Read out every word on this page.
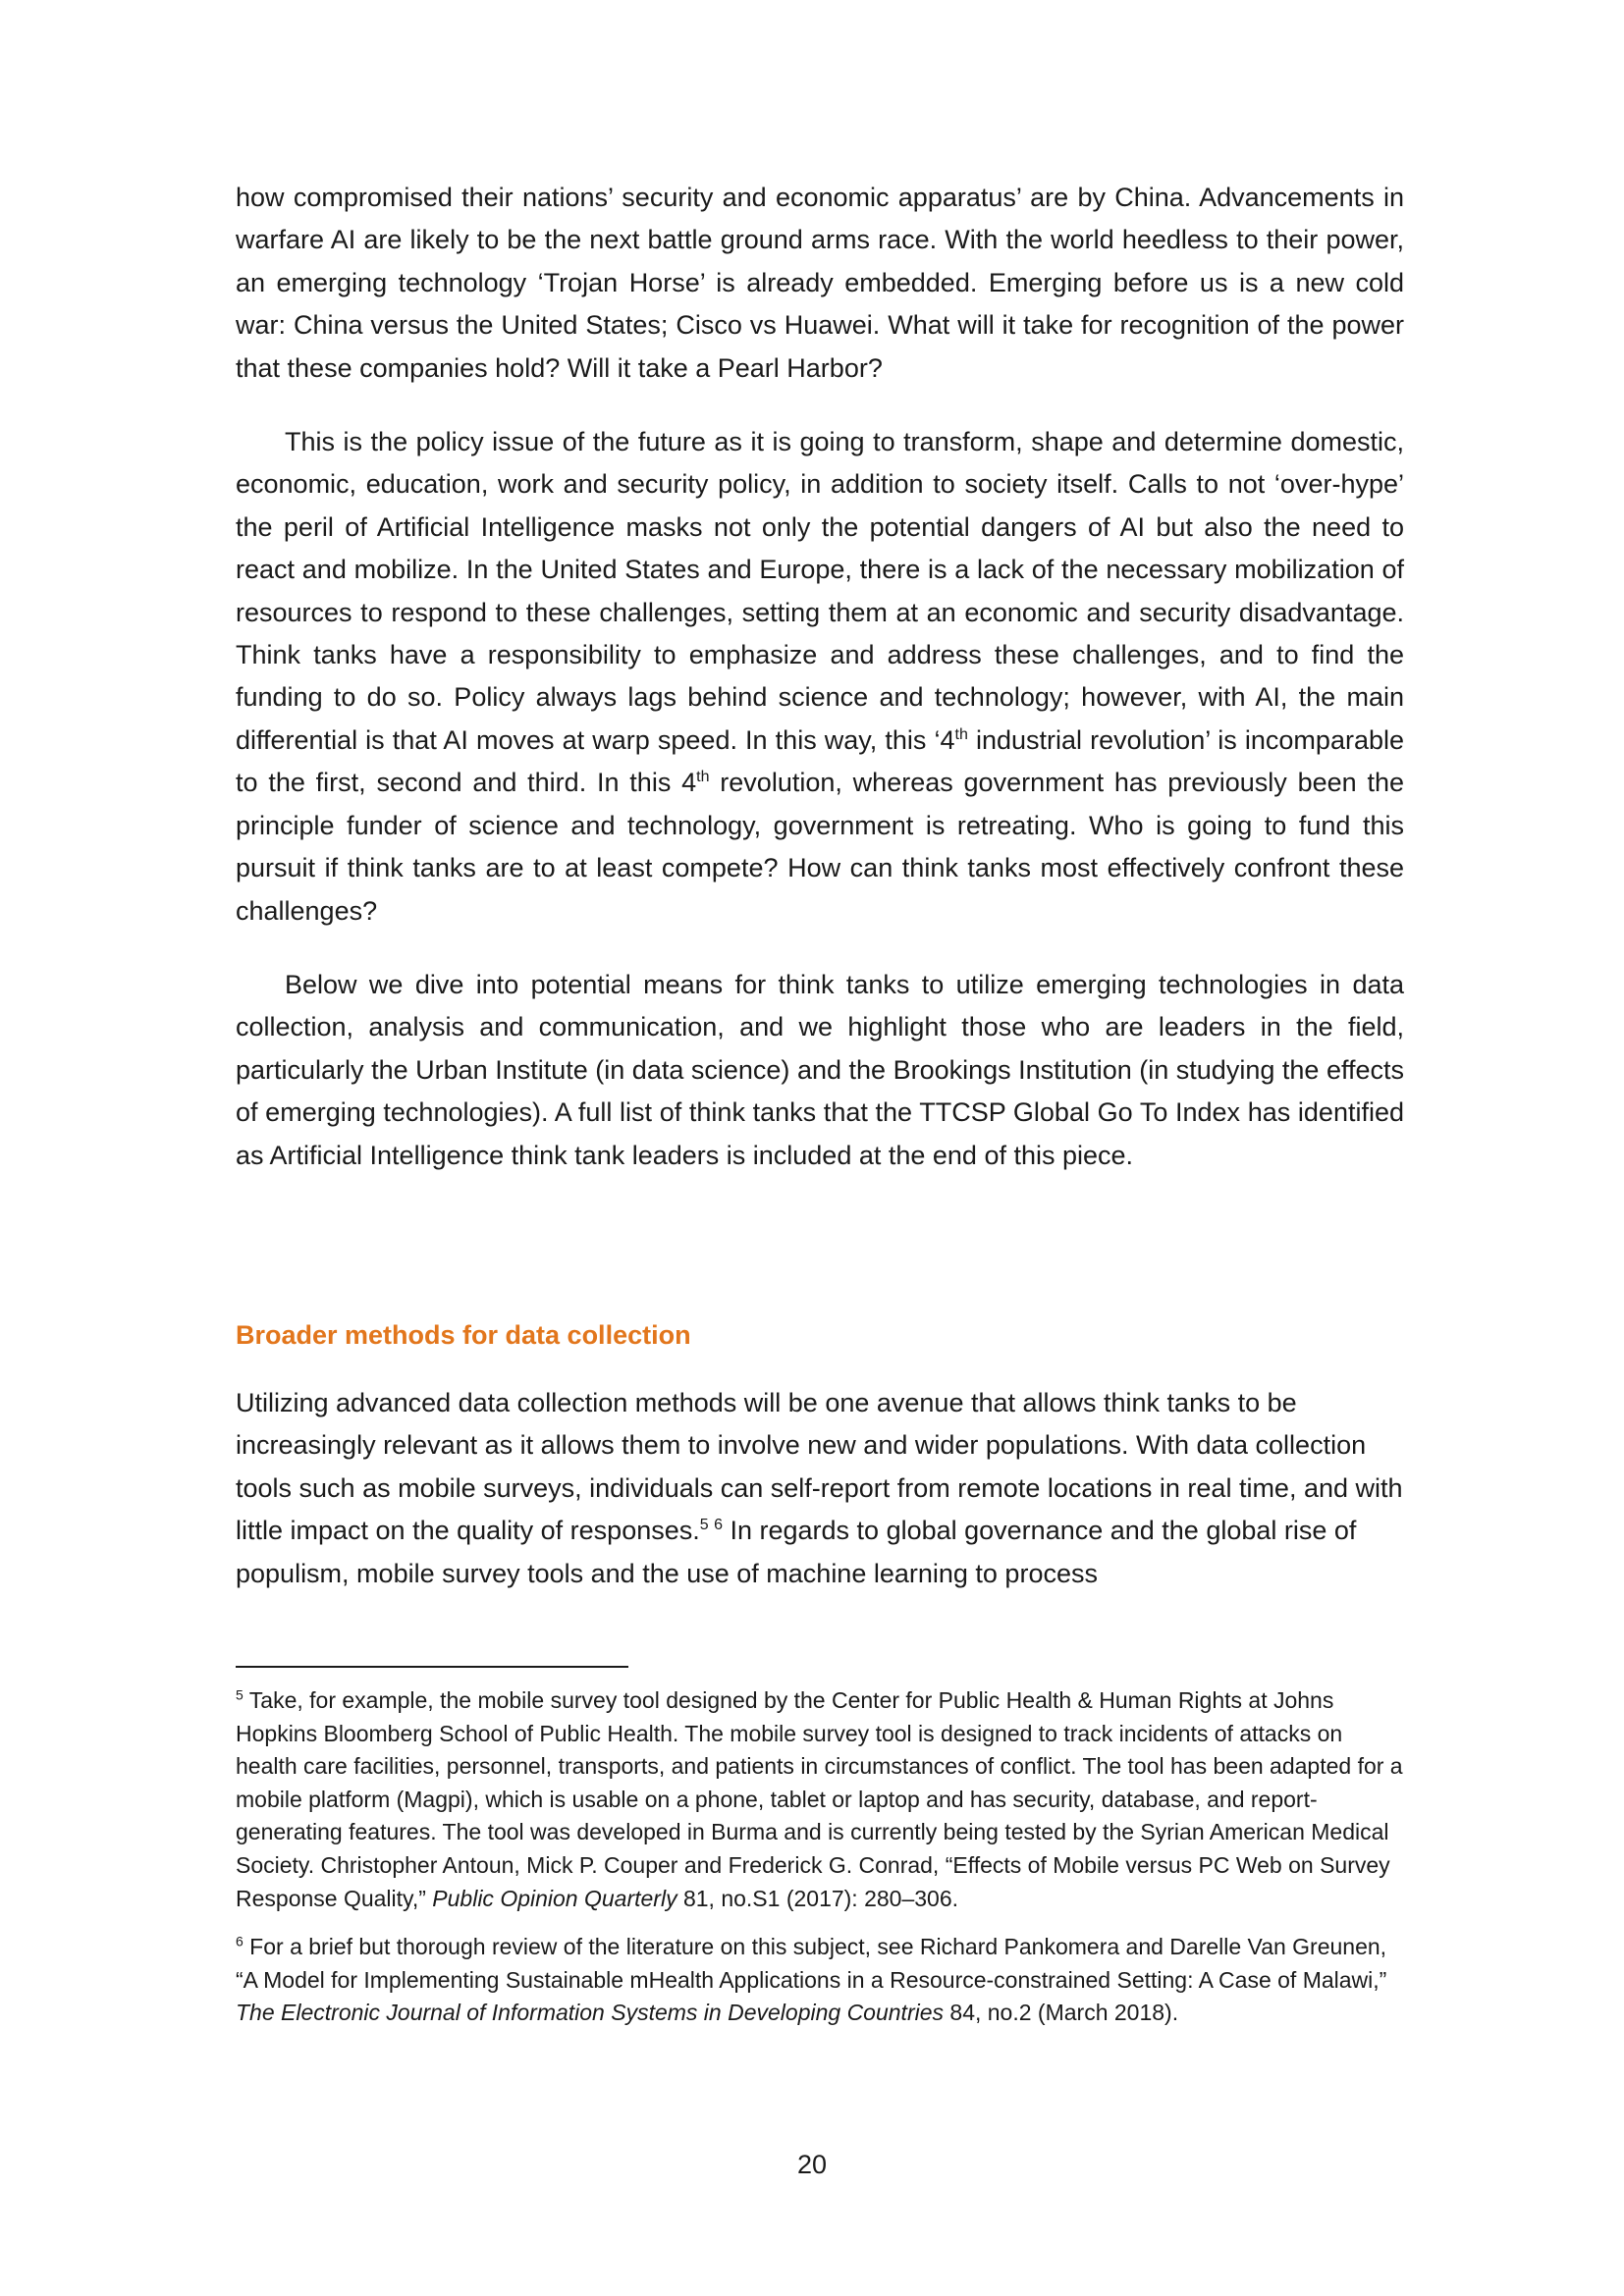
how compromised their nations’ security and economic apparatus’ are by China. Advancements in warfare AI are likely to be the next battle ground arms race. With the world heedless to their power, an emerging technology ‘Trojan Horse’ is already embedded. Emerging before us is a new cold war: China versus the United States; Cisco vs Huawei. What will it take for recognition of the power that these companies hold? Will it take a Pearl Harbor?

This is the policy issue of the future as it is going to transform, shape and determine domestic, economic, education, work and security policy, in addition to society itself. Calls to not ‘over-hype’ the peril of Artificial Intelligence masks not only the potential dangers of AI but also the need to react and mobilize. In the United States and Europe, there is a lack of the necessary mobilization of resources to respond to these challenges, setting them at an economic and security disadvantage. Think tanks have a responsibility to emphasize and address these challenges, and to find the funding to do so. Policy always lags behind science and technology; however, with AI, the main differential is that AI moves at warp speed. In this way, this ‘4th industrial revolution’ is incomparable to the first, second and third. In this 4th revolution, whereas government has previously been the principle funder of science and technology, government is retreating. Who is going to fund this pursuit if think tanks are to at least compete? How can think tanks most effectively confront these challenges?

Below we dive into potential means for think tanks to utilize emerging technologies in data collection, analysis and communication, and we highlight those who are leaders in the field, particularly the Urban Institute (in data science) and the Brookings Institution (in studying the effects of emerging technologies). A full list of think tanks that the TTCSP Global Go To Index has identified as Artificial Intelligence think tank leaders is included at the end of this piece.

Broader methods for data collection

Utilizing advanced data collection methods will be one avenue that allows think tanks to be increasingly relevant as it allows them to involve new and wider populations. With data collection tools such as mobile surveys, individuals can self-report from remote locations in real time, and with little impact on the quality of responses.$^5$  $^6$ In regards to global governance and the global rise of populism, mobile survey tools and the use of machine learning to process

$^5$ Take, for example, the mobile survey tool designed by the Center for Public Health & Human Rights at Johns Hopkins Bloomberg School of Public Health. The mobile survey tool is designed to track incidents of attacks on health care facilities, personnel, transports, and patients in circumstances of conflict. The tool has been adapted for a mobile platform (Magpi), which is usable on a phone, tablet or laptop and has security, database, and report-generating features. The tool was developed in Burma and is currently being tested by the Syrian American Medical Society. Christopher Antoun, Mick P. Couper and Frederick G. Conrad, “Effects of Mobile versus PC Web on Survey Response Quality,” Public Opinion Quarterly 81, no.S1 (2017): 280–306.

$^6$ For a brief but thorough review of the literature on this subject, see Richard Pankomera and Darelle Van Greunen, “A Model for Implementing Sustainable mHealth Applications in a Resource-constrained Setting: A Case of Malawi,” The Electronic Journal of Information Systems in Developing Countries 84, no.2 (March 2018).

20
